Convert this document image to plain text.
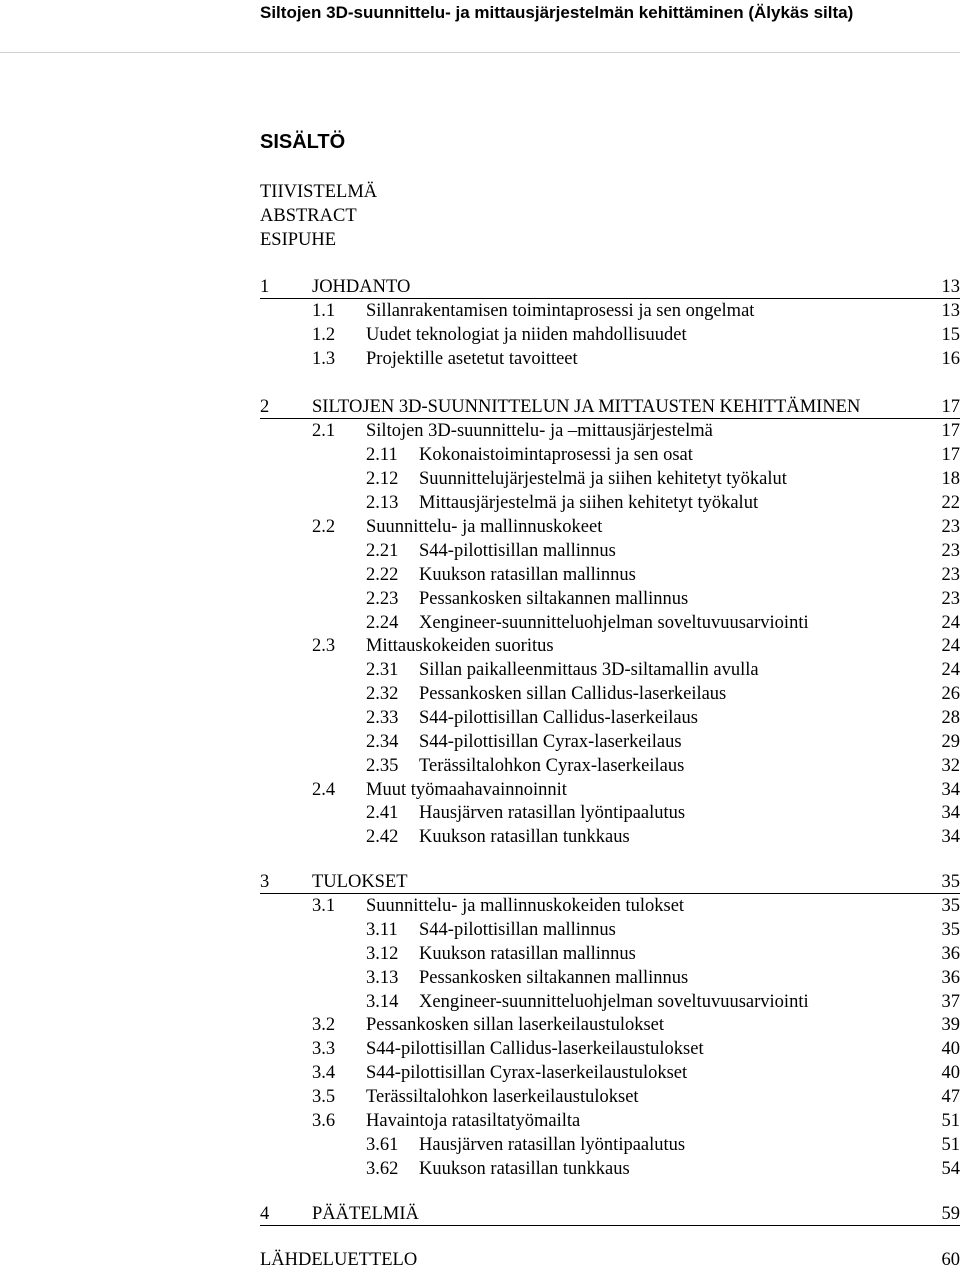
Siltojen 3D-suunnittelu- ja mittausjärjestelmän kehittäminen (Älykäs silta)
SISÄLTÖ
TIIVISTELMÄ
ABSTRACT
ESIPUHE
1 JOHDANTO	13
1.1 Sillanrakentamisen toimintaprosessi ja sen ongelmat	13
1.2 Uudet teknologiat ja niiden mahdollisuudet	15
1.3 Projektille asetetut tavoitteet	16
2 SILTOJEN 3D-SUUNNITTELUN JA MITTAUSTEN KEHITTÄMINEN	17
2.1 Siltojen 3D-suunnittelu- ja –mittausjärjestelmä	17
2.11 Kokonaistoimintaprosessi ja sen osat	17
2.12 Suunnittelujärjestelmä ja siihen kehitetyt työkalut	18
2.13 Mittausjärjestelmä ja siihen kehitetyt työkalut	22
2.2 Suunnittelu- ja mallinnuskokeet	23
2.21 S44-pilottisillan mallinnus	23
2.22 Kuukson ratasillan mallinnus	23
2.23 Pessankosken siltakannen mallinnus	23
2.24 Xengineer-suunnitteluohjelman soveltuvuusarviointi	24
2.3 Mittauskokeiden suoritus	24
2.31 Sillan paikalleenmittaus 3D-siltamallin avulla	24
2.32 Pessankosken sillan Callidus-laserkeilaus	26
2.33 S44-pilottisillan Callidus-laserkeilaus	28
2.34 S44-pilottisillan Cyrax-laserkeilaus	29
2.35 Terässiltalohkon Cyrax-laserkeilaus	32
2.4 Muut työmaahavainnoinnit	34
2.41 Hausjärven ratasillan lyöntipaalutus	34
2.42 Kuukson ratasillan tunkkaus	34
3 TULOKSET	35
3.1 Suunnittelu- ja mallinnuskokeiden tulokset	35
3.11 S44-pilottisillan mallinnus	35
3.12 Kuukson ratasillan mallinnus	36
3.13 Pessankosken siltakannen mallinnus	36
3.14 Xengineer-suunnitteluohjelman soveltuvuusarviointi	37
3.2 Pessankosken sillan laserkeilaustulokset	39
3.3 S44-pilottisillan Callidus-laserkeilaustulokset	40
3.4 S44-pilottisillan Cyrax-laserkeilaustulokset	40
3.5 Terässiltalohkon laserkeilaustulokset	47
3.6 Havaintoja ratasiltatyömailta	51
3.61 Hausjärven ratasillan lyöntipaalutus	51
3.62 Kuukson ratasillan tunkkaus	54
4 PÄÄTELMIÄ	59
LÄHDELUETTELO	60
